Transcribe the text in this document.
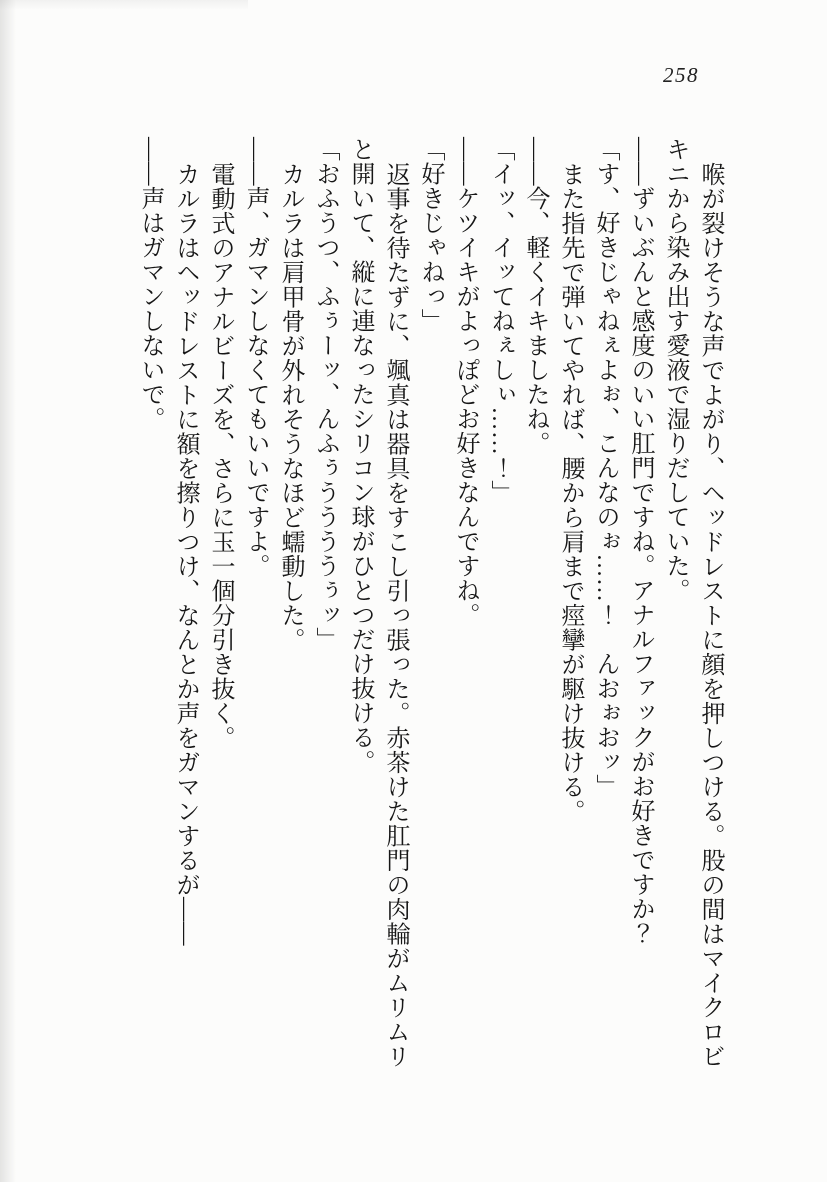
258

喉が裂けそうな声でよがり、ヘッドレストに顔を押しつける。股の間はマイクロビキニから染み出す愛液で湿りだしていた。

――ずいぶんと感度のいい肛門ですね。アナルファックがお好きですか？

「す、好きじゃねぇよぉ、こんなのぉ……！　んおぉおッ」

また指先で弾いてやれば、腰から肩まで痙攣が駆け抜ける。

――今、軽くイキましたね。

「イッ、イッてねぇしぃ……！」

――ケツイキがよっぽどお好きなんですね。

「好きじゃねっ」

返事を待たずに、颯真は器具をすこし引っ張った。赤茶けた肛門の肉輪がムリムリと開いて、縦に連なったシリコン球がひとつだけ抜ける。

「おふうつ、ふぅーッ、んふぅううううぅッ」

カルラは肩甲骨が外れそうなほど蠕動した。

――声、ガマンしなくてもいいですよ。

電動式のアナルビーズを、さらに玉一個分引き抜く。

カルラはヘッドレストに額を擦りつけ、なんとか声をガマンするが――

――声はガマンしないで。
